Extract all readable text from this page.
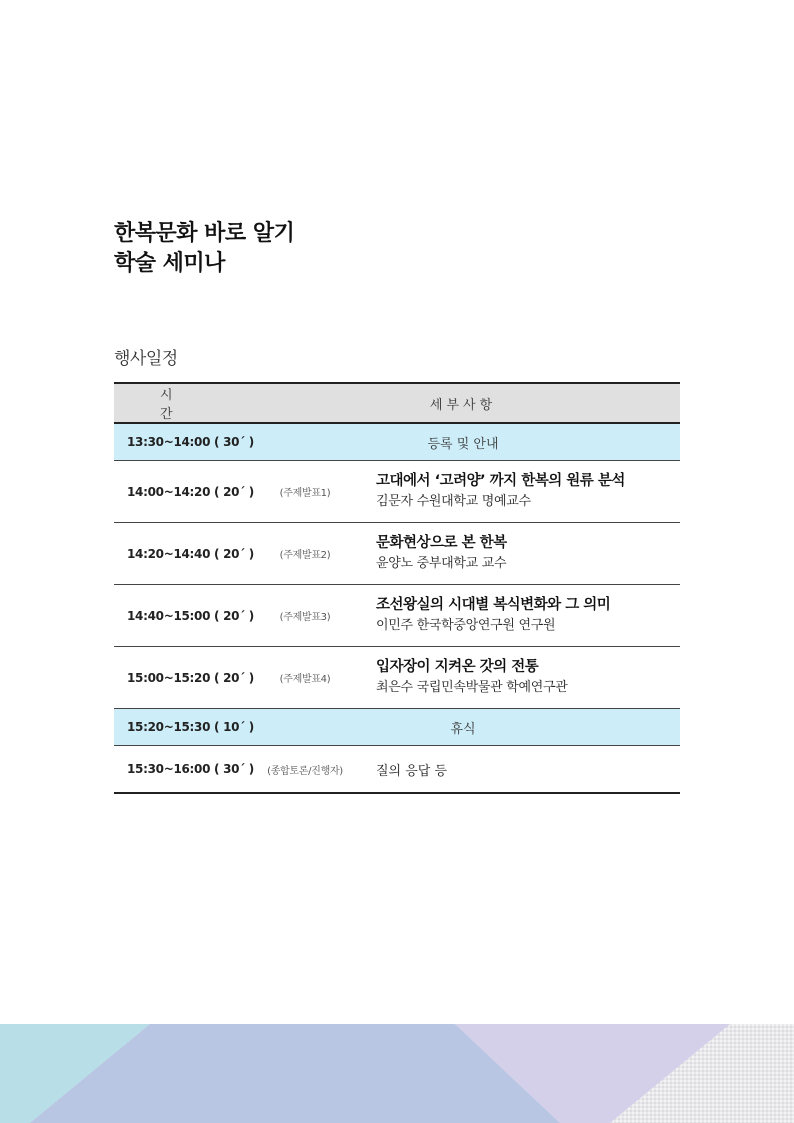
한복문화 바로 알기
학술 세미나
행사일정
시 간	세부사항	
13:30~14:00 ( 30´ )	등록 및 안내	
14:00~14:20 ( 20´ )	(주제발표1)	고대에서 ‘고려양’ 까지 한복의 원류 분석
김문자 수원대학교 명예교수

14:20~14:40 ( 20´ )	(주제발표2)	문화현상으로 본 한복
윤양노 중부대학교 교수

14:40~15:00 ( 20´ )	(주제발표3)	조선왕실의 시대별 복식변화와 그 의미
이민주 한국학중앙연구원 연구원

15:00~15:20 ( 20´ )	(주제발표4)	입자장이 지켜온 갓의 전통
최은수 국립민속박물관 학예연구관

15:20~15:30 ( 10´ )	휴식	
15:30~16:00 ( 30´ )	(종합토론/진행자)	질의 응답 등
